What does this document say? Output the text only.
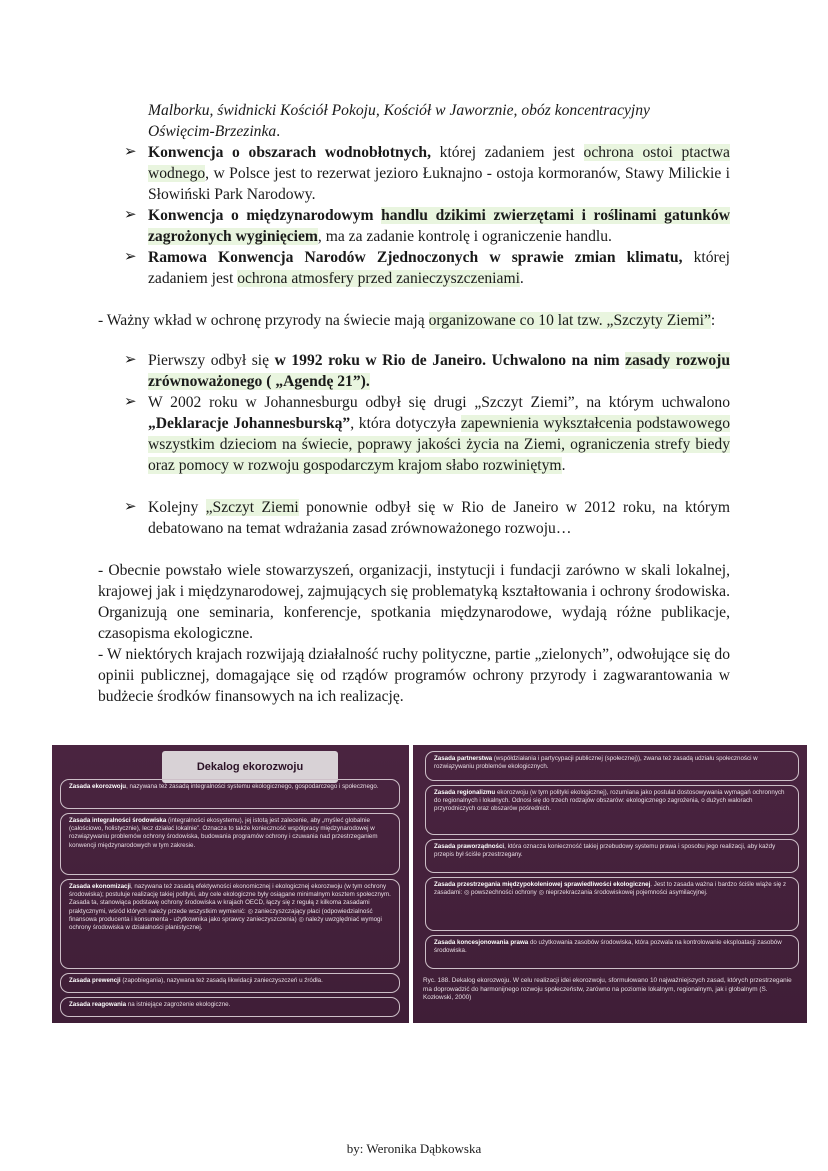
Malborku, świdnicki Kościół Pokoju, Kościół w Jaworznie, obóz koncentracyjny
Oświęcim-Brzezinka.
➢ Konwencja o obszarach wodnobłotnych, której zadaniem jest ochrona ostoi ptactwa wodnego, w Polsce jest to rezerwat jezioro Łuknajno - ostoja kormoranów, Stawy Milickie i Słowiński Park Narodowy.
➢ Konwencja o międzynarodowym handlu dzikimi zwierzętami i roślinami gatunków zagrożonych wyginięciem, ma za zadanie kontrolę i ograniczenie handlu.
➢ Ramowa Konwencja Narodów Zjednoczonych w sprawie zmian klimatu, której zadaniem jest ochrona atmosfery przed zanieczyszczeniami.
- Ważny wkład w ochronę przyrody na świecie mają organizowane co 10 lat tzw. „Szczyty Ziemi”:
➢ Pierwszy odbył się w 1992 roku w Rio de Janeiro. Uchwalono na nim zasady rozwoju zrównoważonego ( „Agendę 21”).
➢ W 2002 roku w Johannesburgu odbył się drugi „Szczyt Ziemi”, na którym uchwalono „Deklaracje Johannesburską”, która dotyczyła zapewnienia wykształcenia podstawowego wszystkim dzieciom na świecie, poprawy jakości życia na Ziemi, ograniczenia strefy biedy oraz pomocy w rozwoju gospodarczym krajom słabo rozwiniętym.
➢ Kolejny „Szczyt Ziemi ponownie odbył się w Rio de Janeiro w 2012 roku, na którym debatowano na temat wdrażania zasad zrównoważonego rozwoju…
- Obecnie powstało wiele stowarzyszeń, organizacji, instytucji i fundacji zarówno w skali lokalnej, krajowej jak i międzynarodowej, zajmujących się problematyką kształtowania i ochrony środowiska. Organizują one seminaria, konferencje, spotkania międzynarodowe, wydają różne publikacje, czasopisma ekologiczne.
- W niektórych krajach rozwijają działalność ruchy polityczne, partie „zielonych”, odwołujące się do opinii publicznej, domagające się od rządów programów ochrony przyrody i zagwarantowania w budżecie środków finansowych na ich realizację.
Dekalog ekorozwoju
Zasada ekorozwoju, nazywana też zasadą integralności systemu ekologicznego, gospodarczego i społecznego.
Zasada integralności środowiska (integralności ekosystemu), jej istotą jest zalecenie, aby „myśleć globalnie (całościowo, holistycznie), lecz działać lokalnie”. Oznacza to także konieczność współpracy międzynarodowej w rozwiązywaniu problemów ochrony środowiska, budowania programów ochrony i czuwania nad przestrzeganiem konwencji międzynarodowych w tym zakresie.
Zasada ekonomizacji, nazywana też zasadą efektywności ekonomicznej i ekologicznej ekorozwoju (w tym ochrony środowiska); postuluje realizację takiej polityki, aby cele ekologiczne były osiągane minimalnym kosztem społecznym. Zasada ta, stanowiąca podstawę ochrony środowiska w krajach OECD, łączy się z regułą z kilkoma zasadami praktycznymi, wśród których należy przede wszystkim wymienić: ◎ zanieczyszczający płaci (odpowiedzialność finansowa producenta i konsumenta - użytkownika jako sprawcy zanieczyszczenia) ◎ należy uwzględniać wymogi ochrony środowiska w działalności planistycznej.
Zasada prewencji (zapobiegania), nazywana też zasadą likwidacji zanieczyszczeń u źródła.
Zasada reagowania na istniejące zagrożenie ekologiczne.
Zasada partnerstwa (współdziałania i partycypacji publicznej (społecznej)), zwana też zasadą udziału społeczności w rozwiązywaniu problemów ekologicznych.
Zasada regionalizmu ekorozwoju (w tym polityki ekologicznej), rozumiana jako postulat dostosowywania wymagań ochronnych do regionalnych i lokalnych. Odnosi się do trzech rodzajów obszarów: ekologicznego zagrożenia, o dużych walorach przyrodniczych oraz obszarów pośrednich.
Zasada praworządności, która oznacza konieczność takiej przebudowy systemu prawa i sposobu jego realizacji, aby każdy przepis był ściśle przestrzegany.
Zasada przestrzegania międzypokoleniowej sprawiedliwości ekologicznej. Jest to zasada ważna i bardzo ściśle wiąże się z zasadami: ◎ powszechności ochrony ◎ nieprzekraczania środowiskowej pojemności asymilacyjnej.
Zasada koncesjonowania prawa do użytkowania zasobów środowiska, która pozwala na kontrolowanie eksploatacji zasobów środowiska.
Ryc. 188. Dekalog ekorozwoju. W celu realizacji idei ekorozwoju, sformułowano 10 najważniejszych zasad, których przestrzeganie ma doprowadzić do harmonijnego rozwoju społeczeństw, zarówno na poziomie lokalnym, regionalnym, jak i globalnym (S. Kozłowski, 2000)
by: Weronika Dąbkowska
